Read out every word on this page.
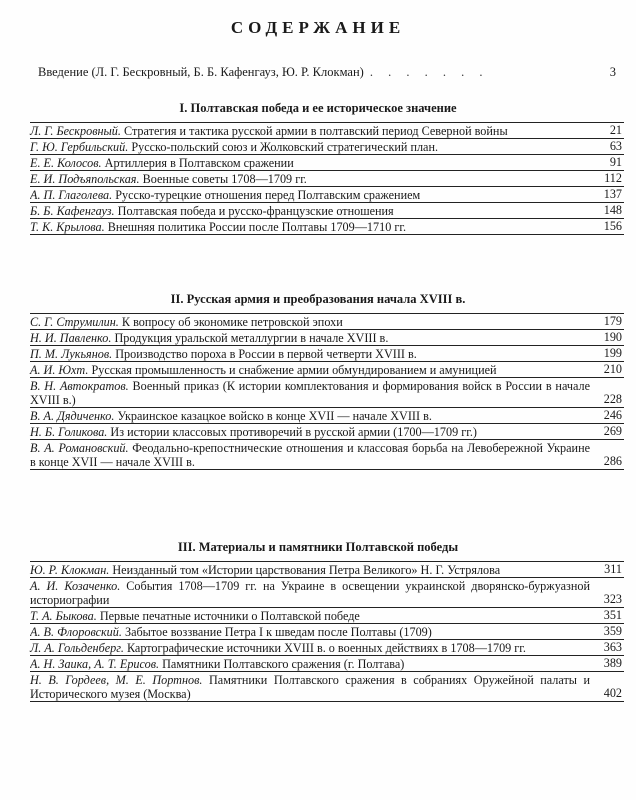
СОДЕРЖАНИЕ
Введение (Л. Г. Бескровный, Б. Б. Кафенгауз, Ю. Р. Клокман) . . . . . . .	3
I. Полтавская победа и ее историческое значение
Л. Г. Бескровный. Стратегия и тактика русской армии в полтавский период Северной войны	21
Г. Ю. Гербильский. Русско-польский союз и Жолковский стратегический план.	63
Е. Е. Колосов. Артиллерия в Полтавском сражении	91
Е. И. Подъяпольская. Военные советы 1708—1709 гг.	112
А. П. Глаголева. Русско-турецкие отношения перед Полтавским сражением	137
Б. Б. Кафенгауз. Полтавская победа и русско-французские отношения	148
Т. К. Крылова. Внешняя политика России после Полтавы 1709—1710 гг.	156
II. Русская армия и преобразования начала XVIII в.
С. Г. Струмилин. К вопросу об экономике петровской эпохи	179
Н. И. Павленко. Продукция уральской металлургии в начале XVIII в.	190
П. М. Лукьянов. Производство пороха в России в первой четверти XVIII в.	199
А. И. Юхт. Русская промышленность и снабжение армии обмундированием и амуницией	210
В. Н. Автократов. Военный приказ (К истории комплектования и формирования войск в России в начале XVIII в.)	228
В. А. Дядиченко. Украинское казацкое войско в конце XVII — начале XVIII в.	246
Н. Б. Голикова. Из истории классовых противоречий в русской армии (1700—1709 гг.)	269
В. А. Романовский. Феодально-крепостнические отношения и классовая борьба на Левобережной Украине в конце XVII — начале XVIII в.	286
III. Материалы и памятники Полтавской победы
Ю. Р. Клокман. Неизданный том «Истории царствования Петра Великого» Н. Г. Устрялова	311
А. И. Козаченко. События 1708—1709 гг. на Украине в освещении украинской дворянско-буржуазной историографии	323
Т. А. Быкова. Первые печатные источники о Полтавской победе	351
А. В. Флоровский. Забытое воззвание Петра I к шведам после Полтавы (1709)	359
Л. А. Гольденберг. Картографические источники XVIII в. о военных действиях в 1708—1709 гг.	363
А. Н. Заика, А. Т. Ерисов. Памятники Полтавского сражения (г. Полтава)	389
Н. В. Гордеев, М. Е. Портнов. Памятники Полтавского сражения в собраниях Оружейной палаты и Исторического музея (Москва)	402
